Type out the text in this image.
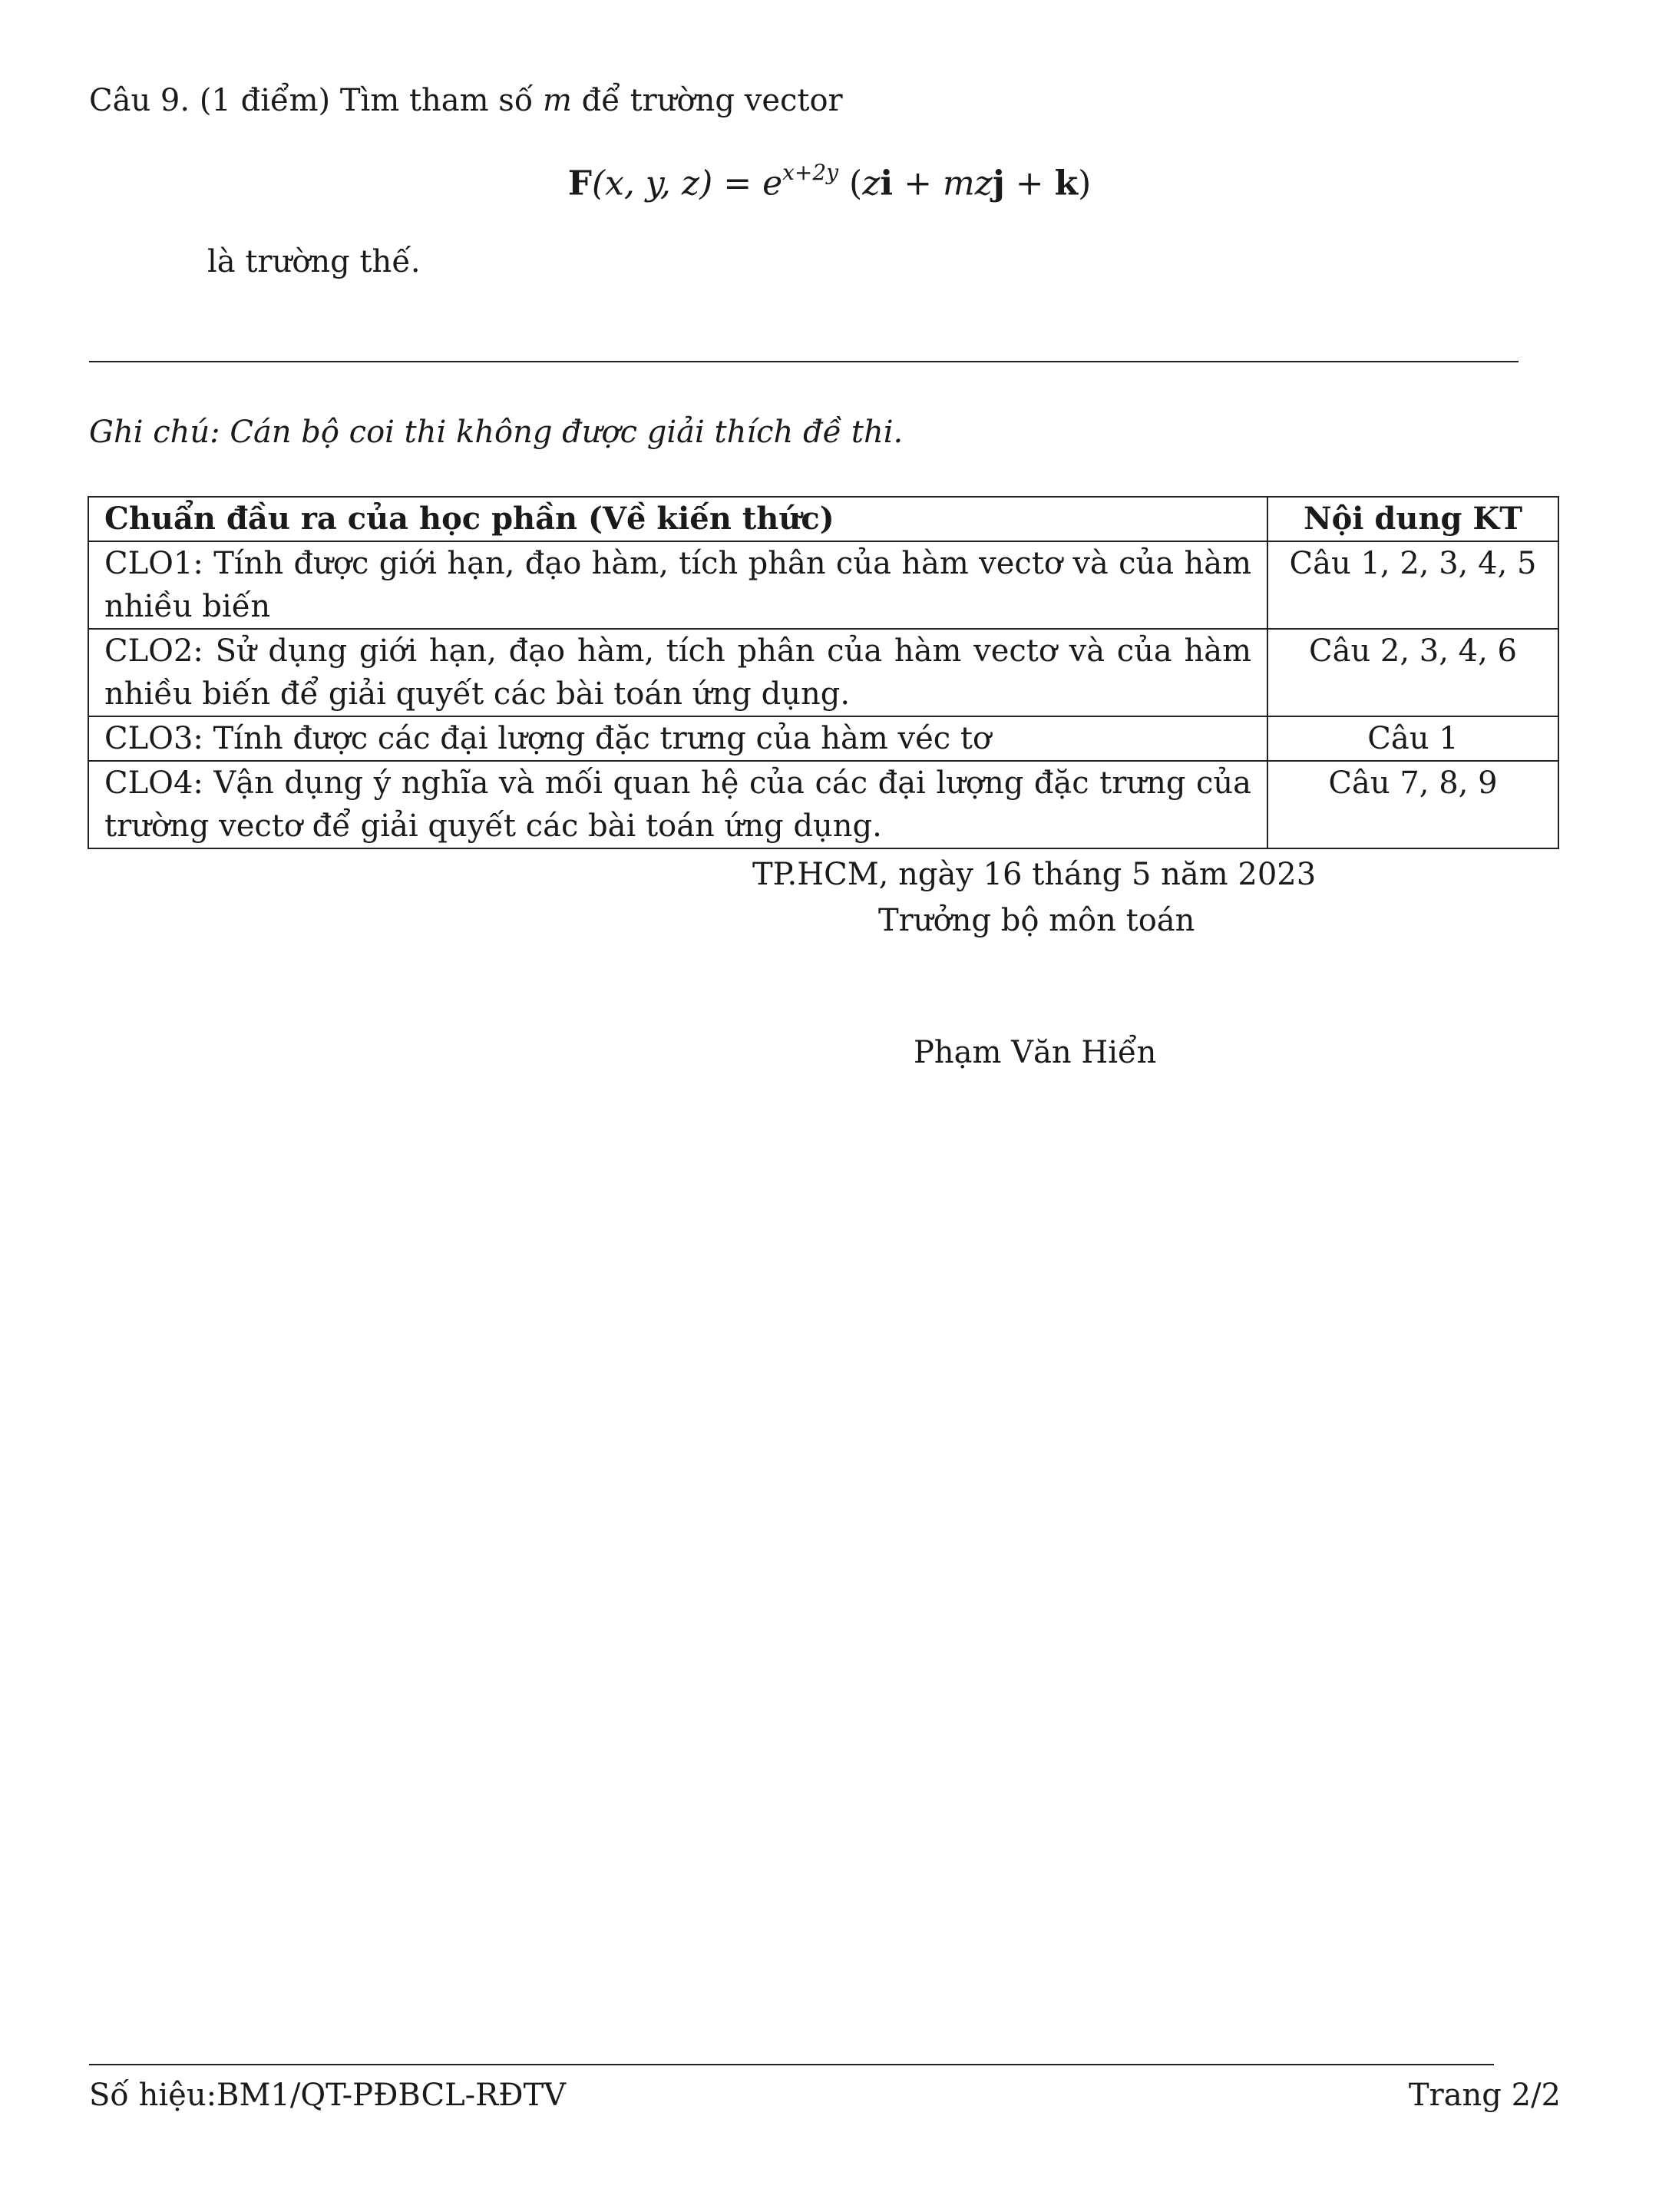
Câu 9. (1 điểm) Tìm tham số m để trường vector
F(x, y, $z) = e^{x+2y}$ (zi + mzj + k)
là trường thế.
Ghi chú: Cán bộ coi thi không được giải thích đề thi.
Chuẩn đầu ra của học phần (Về kiến thức)	Nội dung KT
CLO1: Tính được giới hạn, đạo hàm, tích phân của hàm vectơ và của hàm nhiều biến	Câu 1, 2, 3, 4, 5
CLO2: Sử dụng giới hạn, đạo hàm, tích phân của hàm vectơ và của hàm nhiều biến để giải quyết các bài toán ứng dụng.	Câu 2, 3, 4, 6
CLO3: Tính được các đại lượng đặc trưng của hàm véc tơ	Câu 1
CLO4: Vận dụng ý nghĩa và mối quan hệ của các đại lượng đặc trưng của trường vectơ để giải quyết các bài toán ứng dụng.	Câu 7, 8, 9
TP.HCM, ngày 16 tháng 5 năm 2023
Trưởng bộ môn toán
Phạm Văn Hiển
Số hiệu:BM1/QT-PĐBCL-RĐTV	Trang 2/2
